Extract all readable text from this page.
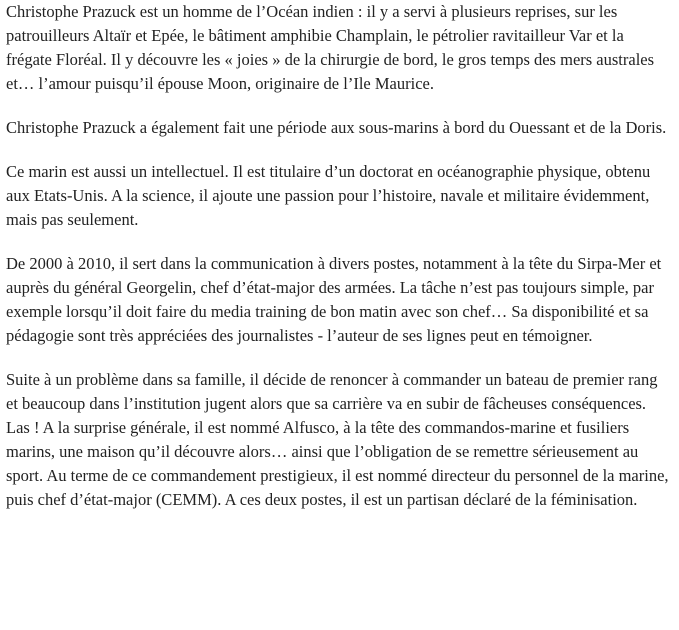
Christophe Prazuck est un homme de l’Océan indien : il y a servi à plusieurs reprises, sur les patrouilleurs Altaïr et Epée, le bâtiment amphibie Champlain, le pétrolier ravitailleur Var et la frégate Floréal. Il y découvre les « joies » de la chirurgie de bord, le gros temps des mers australes et… l’amour puisqu’il épouse Moon, originaire de l’Ile Maurice.

Christophe Prazuck a également fait une période aux sous-marins à bord du Ouessant et de la Doris.

Ce marin est aussi un intellectuel. Il est titulaire d’un doctorat en océanographie physique, obtenu aux Etats-Unis. A la science, il ajoute une passion pour l’histoire, navale et militaire évidemment, mais pas seulement.

De 2000 à 2010, il sert dans la communication à divers postes, notamment à la tête du Sirpa-Mer et auprès du général Georgelin, chef d’état-major des armées. La tâche n’est pas toujours simple, par exemple lorsqu’il doit faire du media training de bon matin avec son chef… Sa disponibilité et sa pédagogie sont très appréciées des journalistes - l’auteur de ses lignes peut en témoigner.

Suite à un problème dans sa famille, il décide de renoncer à commander un bateau de premier rang et beaucoup dans l’institution jugent alors que sa carrière va en subir de fâcheuses conséquences. Las ! A la surprise générale, il est nommé Alfusco, à la tête des commandos-marine et fusiliers marins, une maison qu’il découvre alors… ainsi que l’obligation de se remettre sérieusement au sport. Au terme de ce commandement prestigieux, il est nommé directeur du personnel de la marine, puis chef d’état-major (CEMM). A ces deux postes, il est un partisan déclaré de la féminisation.
